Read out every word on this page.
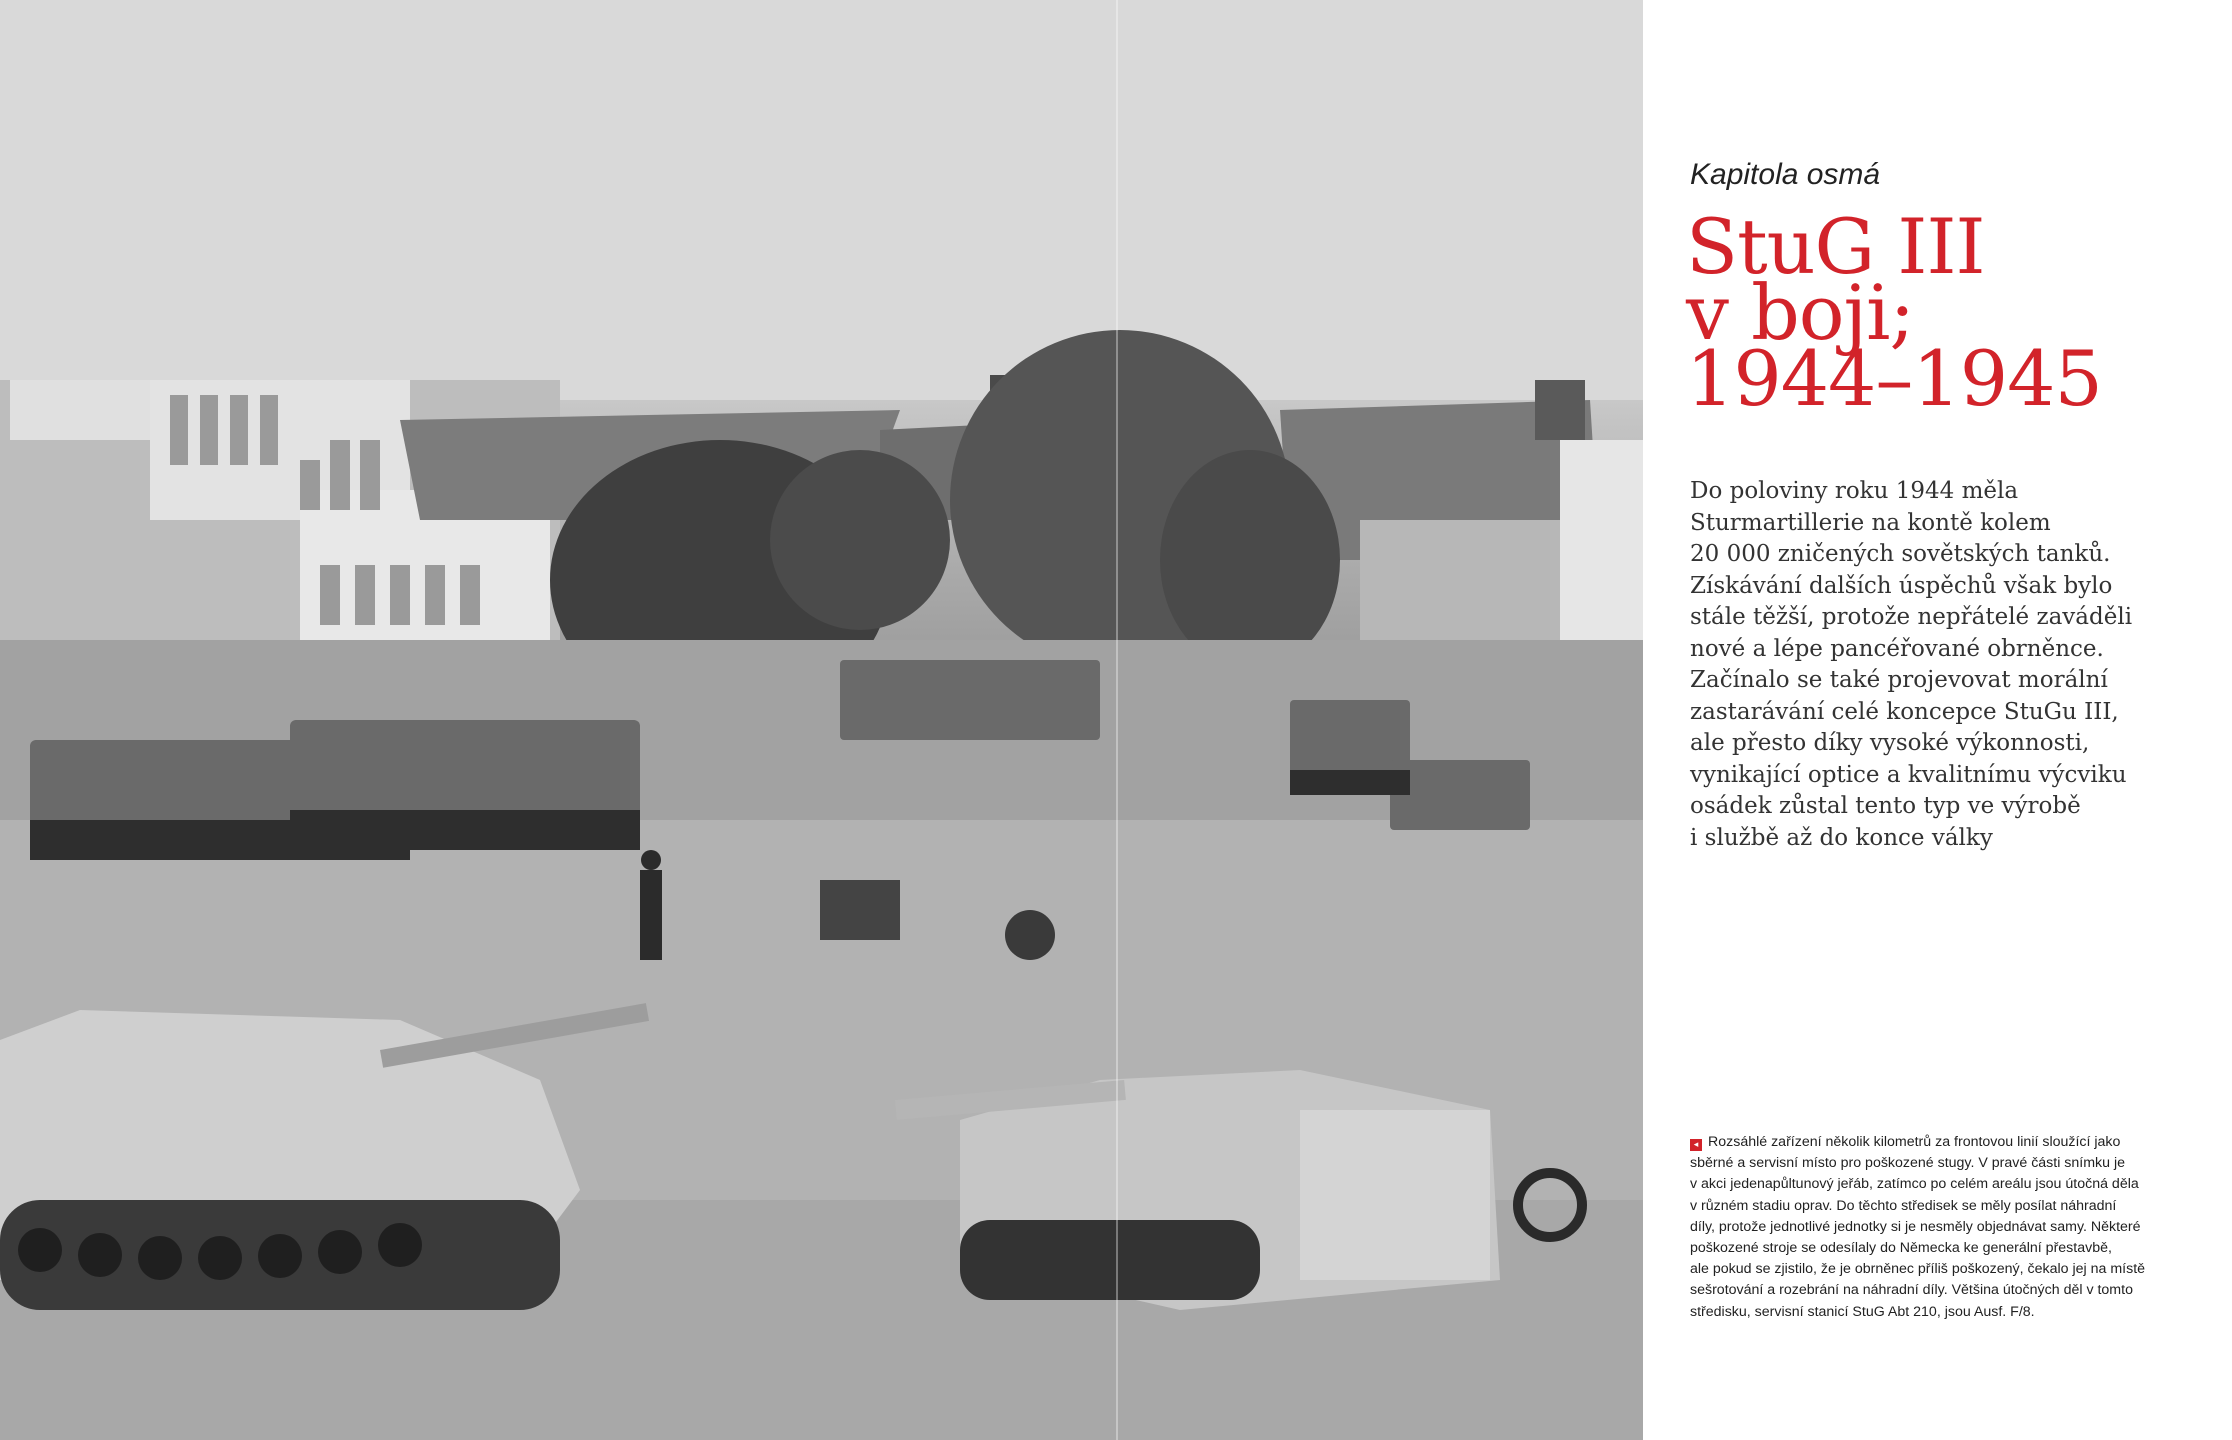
Kapitola osmá
StuG III
v boji;
1944–1945
Do poloviny roku 1944 měla
Sturmartillerie na kontě kolem
20 000 zničených sovětských tanků.
Získávání dalších úspěchů však bylo
stále těžší, protože nepřátelé zaváděli
nové a lépe pancéřované obrněnce.
Začínalo se také projevovat morální
zastarávání celé koncepce StuGu III,
ale přesto díky vysoké výkonnosti,
vynikající optice a kvalitnímu výcviku
osádek zůstal tento typ ve výrobě
i službě až do konce války
◂ Rozsáhlé zařízení několik kilometrů za frontovou linií sloužící jako
sběrné a servisní místo pro poškozené stugy. V pravé části snímku je
v akci jedenapůltunový jeřáb, zatímco po celém areálu jsou útočná děla
v různém stadiu oprav. Do těchto středisek se měly posílat náhradní
díly, protože jednotlivé jednotky si je nesměly objednávat samy. Některé
poškozené stroje se odesílaly do Německa ke generální přestavbě,
ale pokud se zjistilo, že je obrněnec příliš poškozený, čekalo jej na místě
sešrotování a rozebrání na náhradní díly. Většina útočných děl v tomto
středisku, servisní stanicí StuG Abt 210, jsou Ausf. F/8.
